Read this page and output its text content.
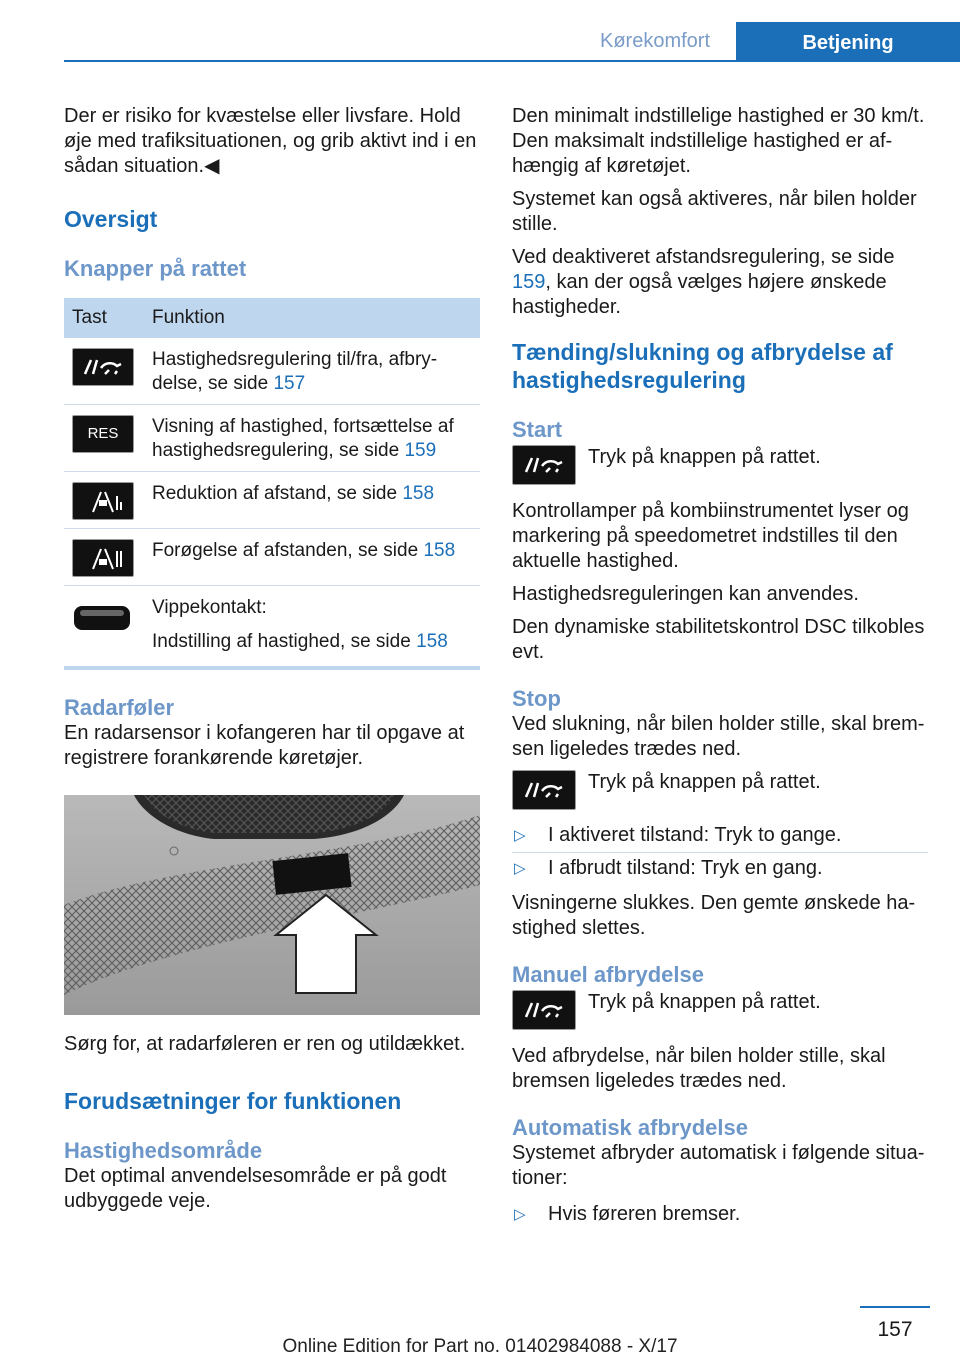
Kørekomfort	Betjening

Der er risiko for kvæstelse eller livsfare. Hold øje med trafiksituationen, og grib aktivt ind i en sådan situation.◀

Oversigt
Knapper på rattet
Tast	Funktion

	Hastighedsregulering til/fra, afbry-delse, se side 157

RES	Visning af hastighed, fortsættelse af hastighedsregulering, se side 159

	Reduktion af afstand, se side 158

	Forøgelse af afstanden, se side 158

Vippekontakt:
Indstilling af hastighed, se side 158
Radarføler

En radarsensor i kofangeren har til opgave at registrere forankørende køretøjer.

Sørg for, at radarføleren er ren og utildækket.

Forudsætninger for funktionen
Hastighedsområde

Det optimal anvendelsesområde er på godt udbyggede veje.

Den minimalt indstillelige hastighed er 30 km/t. Den maksimalt indstillelige hastighed er af-hængig af køretøjet.

Systemet kan også aktiveres, når bilen holder stille.

Ved deaktiveret afstandsregulering, se side 159, kan der også vælges højere ønskede hastigheder.

Tænding/slukning og afbrydelse af hastighedsregulering
Start

Tryk på knappen på rattet.

Kontrollamper på kombiinstrumentet lyser og markering på speedometret indstilles til den aktuelle hastighed.

Hastighedsreguleringen kan anvendes.

Den dynamiske stabilitetskontrol DSC tilkobles evt.

Stop

Ved slukning, når bilen holder stille, skal brem-sen ligeledes trædes ned.

Tryk på knappen på rattet.

▷	I aktiveret tilstand: Tryk to gange.
▷	I afbrudt tilstand: Tryk en gang.

Visningerne slukkes. Den gemte ønskede ha-stighed slettes.

Manuel afbrydelse

Tryk på knappen på rattet.

Ved afbrydelse, når bilen holder stille, skal bremsen ligeledes trædes ned.

Automatisk afbrydelse

Systemet afbryder automatisk i følgende situa-tioner:

▷	Hvis føreren bremser.
157
Online Edition for Part no. 01402984088 - X/17
